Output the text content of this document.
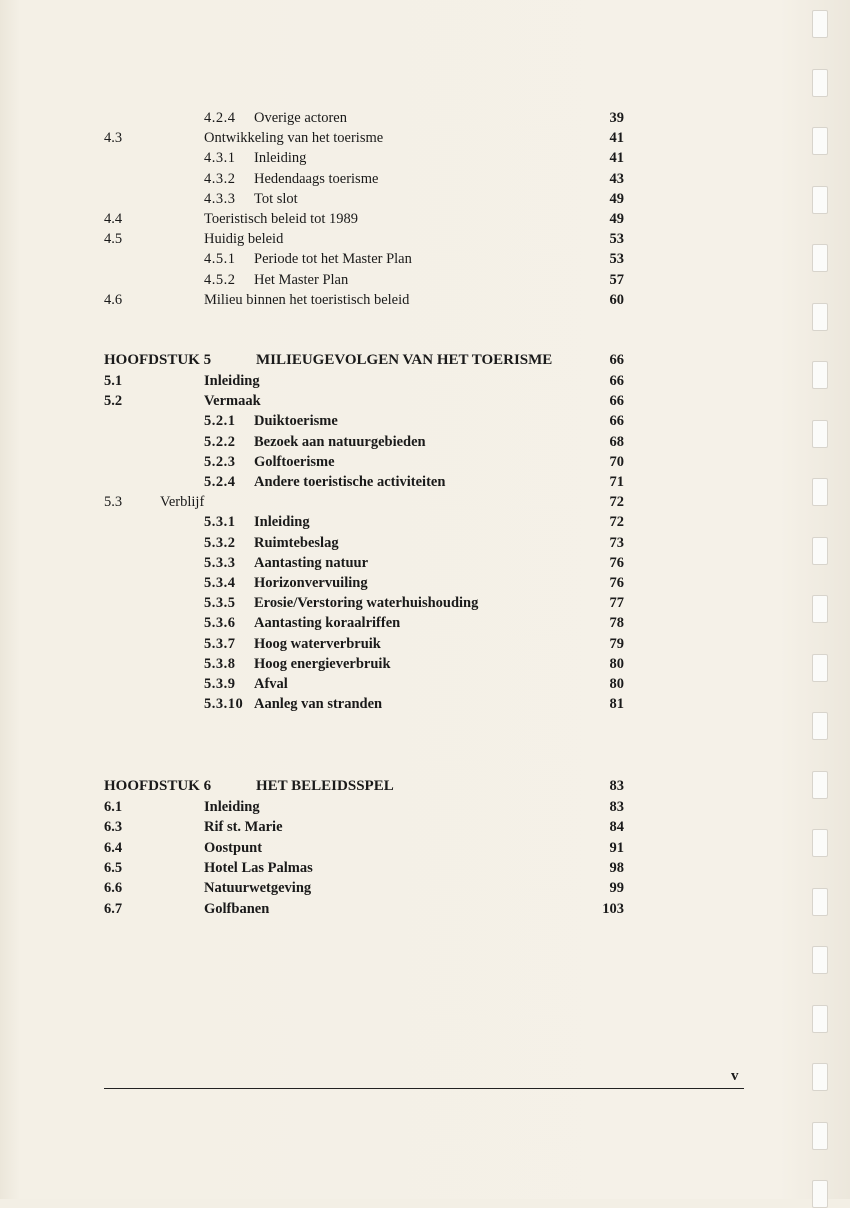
4.2.4 Overige actoren	39
4.3	Ontwikkeling van het toerisme	41
4.3.1 Inleiding	41
4.3.2 Hedendaags toerisme	43
4.3.3 Tot slot	49
4.4	Toeristisch beleid tot 1989	49
4.5	Huidig beleid	53
4.5.1 Periode tot het Master Plan	53
4.5.2 Het Master Plan	57
4.6	Milieu binnen het toeristisch beleid	60
5.1	Inleiding	66
5.2	Vermaak	66
5.2.1 Duiktoerisme	66
5.2.2 Bezoek aan natuurgebieden	68
5.2.3 Golftoerisme	70
5.2.4 Andere toeristische activiteiten	71
5.3	Verblijf	72
5.3.1 Inleiding	72
5.3.2 Ruimtebeslag	73
5.3.3 Aantasting natuur	76
5.3.4 Horizonvervuiling	76
5.3.5 Erosie/Verstoring waterhuishouding	77
5.3.6 Aantasting koraalriffen	78
5.3.7 Hoog waterverbruik	79
5.3.8 Hoog energieverbruik	80
5.3.9 Afval	80
5.3.10 Aanleg van stranden	81
6.1	Inleiding	83
6.3	Rif st. Marie	84
6.4	Oostpunt	91
6.5	Hotel Las Palmas	98
6.6	Natuurwetgeving	99
6.7	Golfbanen	103
HOOFDSTUK 5	MILIEUGEVOLGEN VAN HET TOERISME	66
HOOFDSTUK 6	HET BELEIDSSPEL	83
v
